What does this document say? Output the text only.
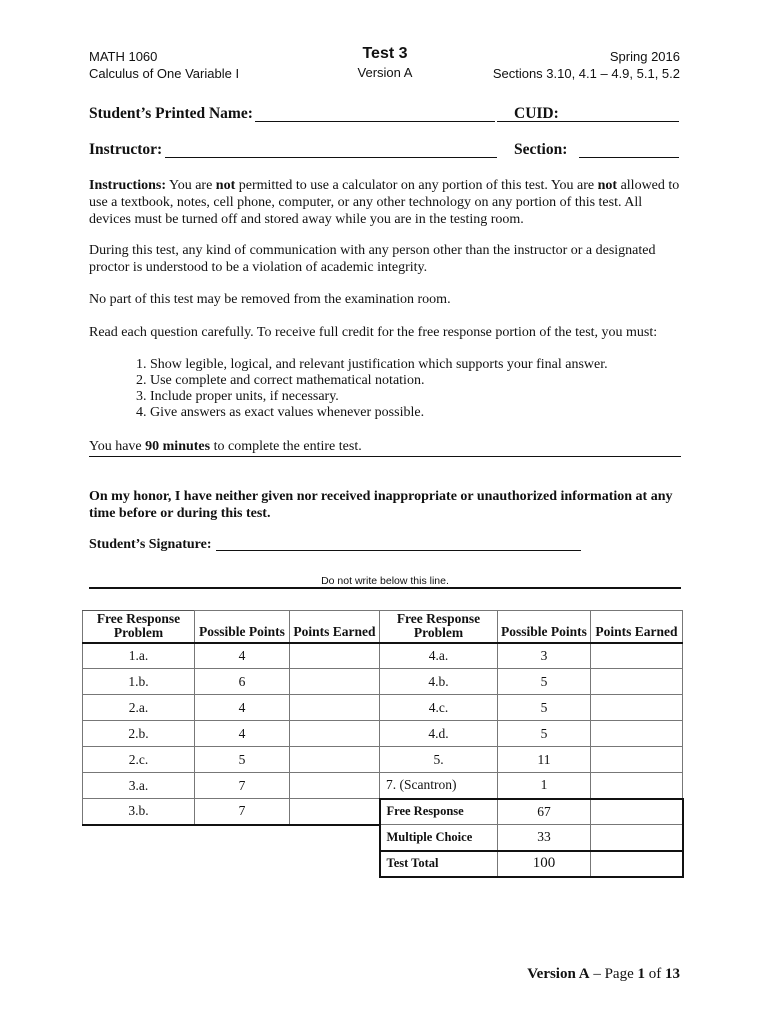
MATH 1060
Calculus of One Variable I
Test 3
Version A
Spring 2016
Sections 3.10, 4.1 – 4.9, 5.1, 5.2
Student’s Printed Name:	CUID:
Instructor:	Section:
Instructions: You are not permitted to use a calculator on any portion of this test. You are not allowed to use a textbook, notes, cell phone, computer, or any other technology on any portion of this test. All devices must be turned off and stored away while you are in the testing room.
During this test, any kind of communication with any person other than the instructor or a designated proctor is understood to be a violation of academic integrity.
No part of this test may be removed from the examination room.
Read each question carefully. To receive full credit for the free response portion of the test, you must:
1. Show legible, logical, and relevant justification which supports your final answer.
2. Use complete and correct mathematical notation.
3. Include proper units, if necessary.
4. Give answers as exact values whenever possible.
You have 90 minutes to complete the entire test.
On my honor, I have neither given nor received inappropriate or unauthorized information at any time before or during this test.
Student’s Signature:
Do not write below this line.
Free Response Problem	Possible Points	Points Earned	Free Response Problem	Possible Points	Points Earned
1.a.	4		4.a.	3	
1.b.	6		4.b.	5	
2.a.	4		4.c.	5	
2.b.	4		4.d.	5	
2.c.	5		5.	11	
3.a.	7		7. (Scantron)	1	
3.b.	7		Free Response	67	
			Multiple Choice	33	
			Test Total	100	
Version A – Page 1 of 13
